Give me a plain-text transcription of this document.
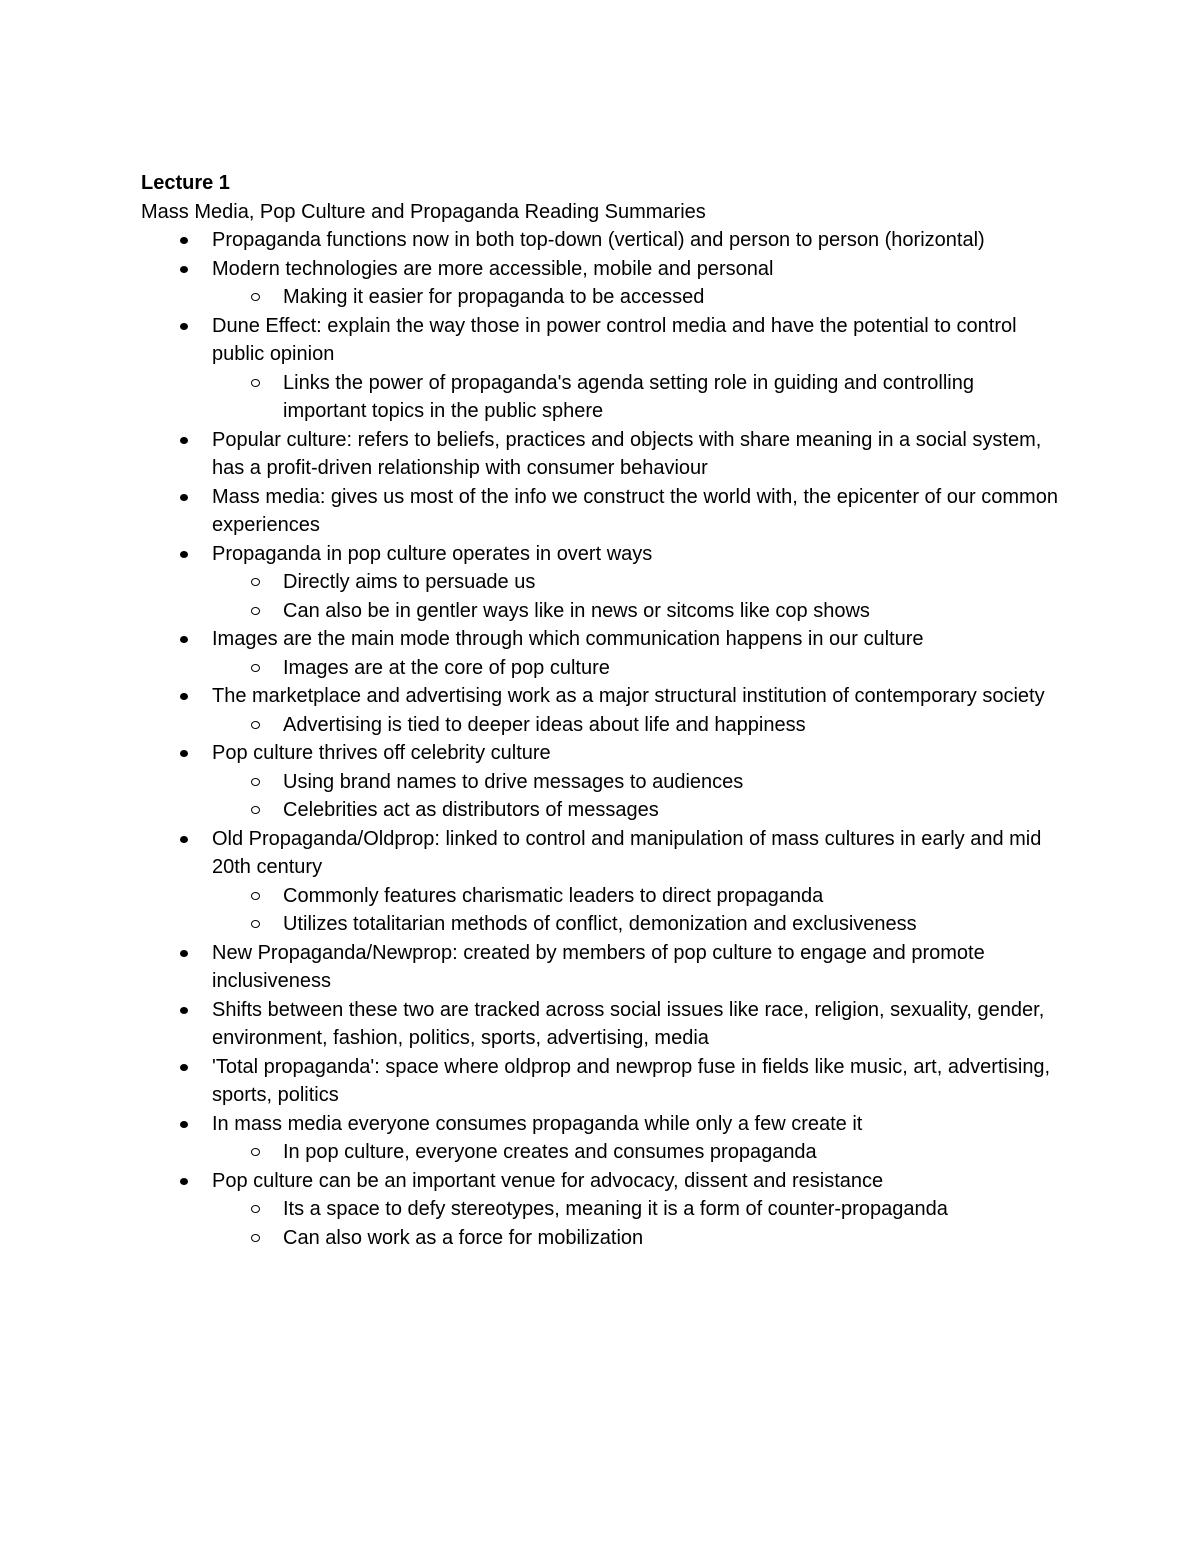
Lecture 1

Mass Media, Pop Culture and Propaganda Reading Summaries

Propaganda functions now in both top-down (vertical) and person to person (horizontal)
Modern technologies are more accessible, mobile and personal
Making it easier for propaganda to be accessed
Dune Effect: explain the way those in power control media and have the potential to control public opinion
Links the power of propaganda's agenda setting role in guiding and controlling important topics in the public sphere
Popular culture: refers to beliefs, practices and objects with share meaning in a social system, has a profit-driven relationship with consumer behaviour
Mass media: gives us most of the info we construct the world with, the epicenter of our common experiences
Propaganda in pop culture operates in overt ways
Directly aims to persuade us
Can also be in gentler ways like in news or sitcoms like cop shows
Images are the main mode through which communication happens in our culture
Images are at the core of pop culture
The marketplace and advertising work as a major structural institution of contemporary society
Advertising is tied to deeper ideas about life and happiness
Pop culture thrives off celebrity culture
Using brand names to drive messages to audiences
Celebrities act as distributors of messages
Old Propaganda/Oldprop: linked to control and manipulation of mass cultures in early and mid 20th century
Commonly features charismatic leaders to direct propaganda
Utilizes totalitarian methods of conflict, demonization and exclusiveness
New Propaganda/Newprop: created by members of pop culture to engage and promote inclusiveness
Shifts between these two are tracked across social issues like race, religion, sexuality, gender, environment, fashion, politics, sports, advertising, media
'Total propaganda': space where oldprop and newprop fuse in fields like music, art, advertising, sports, politics
In mass media everyone consumes propaganda while only a few create it
In pop culture, everyone creates and consumes propaganda
Pop culture can be an important venue for advocacy, dissent and resistance
Its a space to defy stereotypes, meaning it is a form of counter-propaganda
Can also work as a force for mobilization
